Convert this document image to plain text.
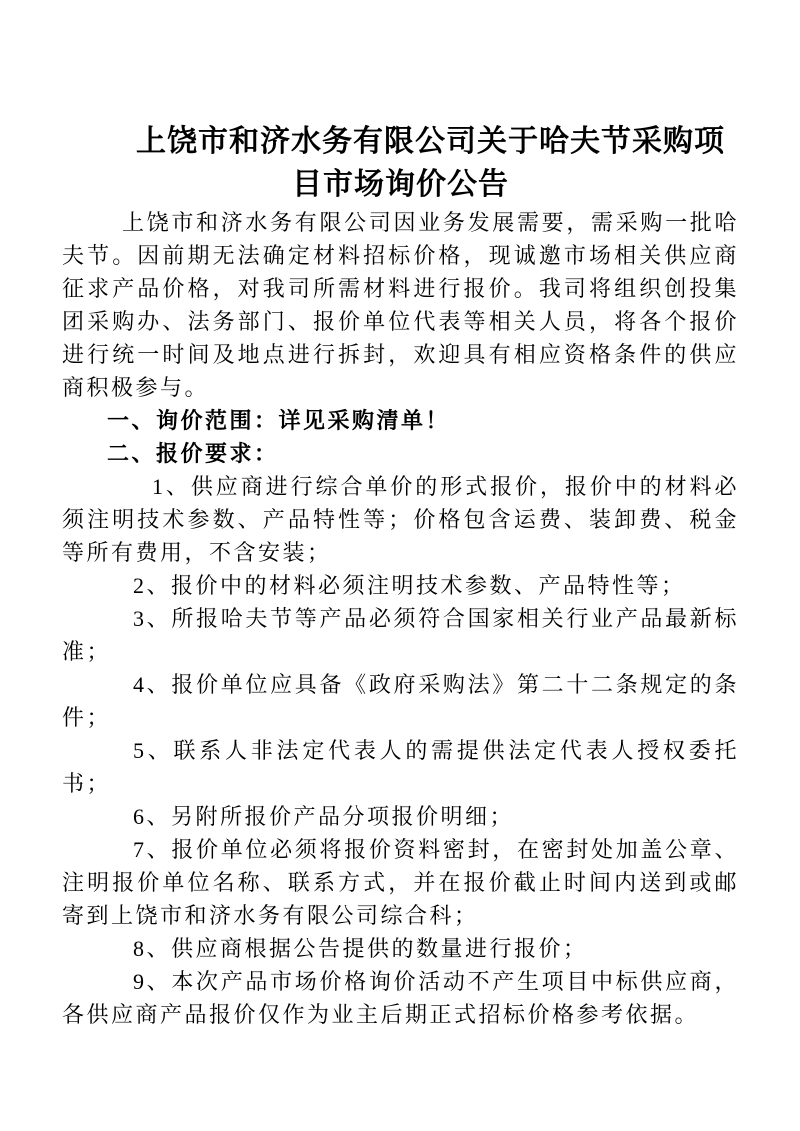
上饶市和济水务有限公司关于哈夫节采购项目市场询价公告

上饶市和济水务有限公司因业务发展需要，需采购一批哈夫节。因前期无法确定材料招标价格，现诚邀市场相关供应商征求产品价格，对我司所需材料进行报价。我司将组织创投集团采购办、法务部门、报价单位代表等相关人员，将各个报价进行统一时间及地点进行拆封，欢迎具有相应资格条件的供应商积极参与。

一、询价范围：详见采购清单！

二、报价要求：

1、供应商进行综合单价的形式报价，报价中的材料必须注明技术参数、产品特性等；价格包含运费、装卸费、税金等所有费用，不含安装；

2、报价中的材料必须注明技术参数、产品特性等；

3、所报哈夫节等产品必须符合国家相关行业产品最新标准；

4、报价单位应具备《政府采购法》第二十二条规定的条件；

5、联系人非法定代表人的需提供法定代表人授权委托书；

6、另附所报价产品分项报价明细；

7、报价单位必须将报价资料密封，在密封处加盖公章、注明报价单位名称、联系方式，并在报价截止时间内送到或邮寄到上饶市和济水务有限公司综合科；

8、供应商根据公告提供的数量进行报价；

9、本次产品市场价格询价活动不产生项目中标供应商，各供应商产品报价仅作为业主后期正式招标价格参考依据。
